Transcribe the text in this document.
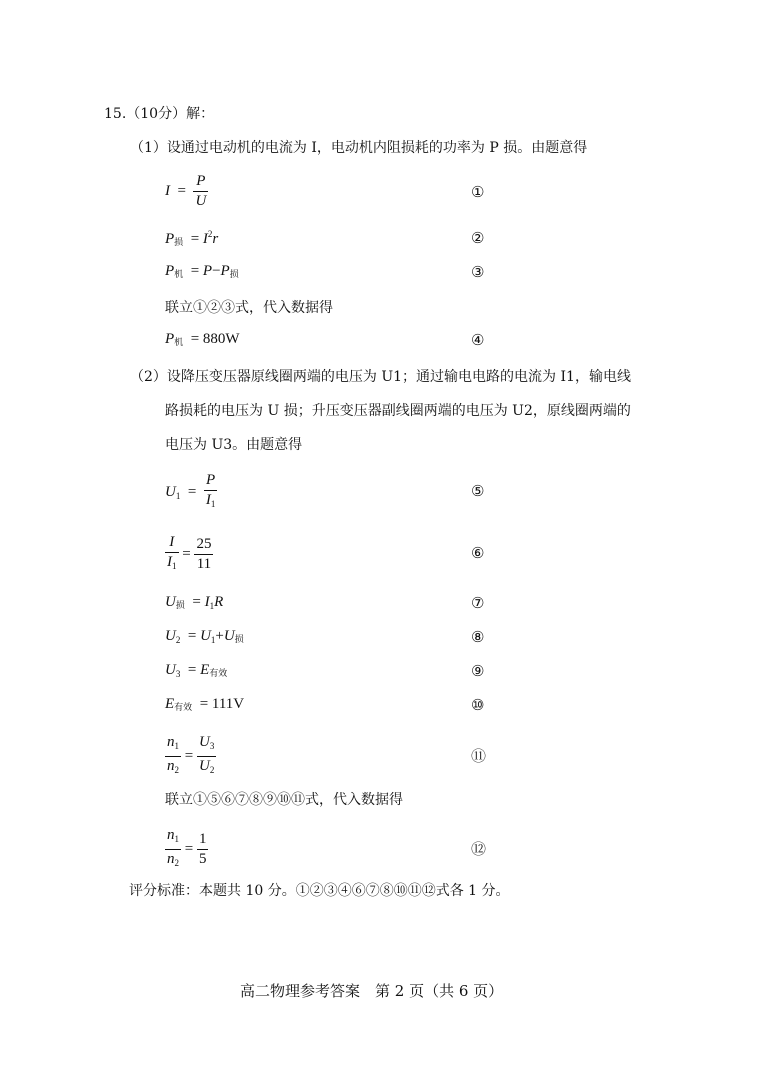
15.（10分）解：
（1）设通过电动机的电流为 I，电动机内阻损耗的功率为 P 损。由题意得
$I = \frac{P}{U}$	①
P损  = $I^2r$	②
P机  = P−P损	③
联立①②③式，代入数据得
P机  = 880W	④
（2）设降压变压器原线圈两端的电压为 U1；通过输电电路的电流为 I1，输电线
路损耗的电压为 U 损；升压变压器副线圈两端的电压为 U2，原线圈两端的
电压为 U3。由题意得
$U_1 = \frac{P}{I_1}$	⑤
$\frac{I}{I_1} = \frac{25}{11}$	⑥
U损  = $I_1R$	⑦
$U_2 = U_1+U$损	⑧
$U_3 = E$有效	⑨
E有效  = 111V	⑩
$\frac{n_1}{n_2} = \frac{U_3}{U_2}$	⑪
联立①⑤⑥⑦⑧⑨⑩⑪式，代入数据得
$\frac{n_1}{n_2} = \frac{1}{5}$	⑫
评分标准：本题共 10 分。①②③④⑥⑦⑧⑩⑪⑫式各 1 分。
高二物理参考答案　第 2 页（共 6 页）
